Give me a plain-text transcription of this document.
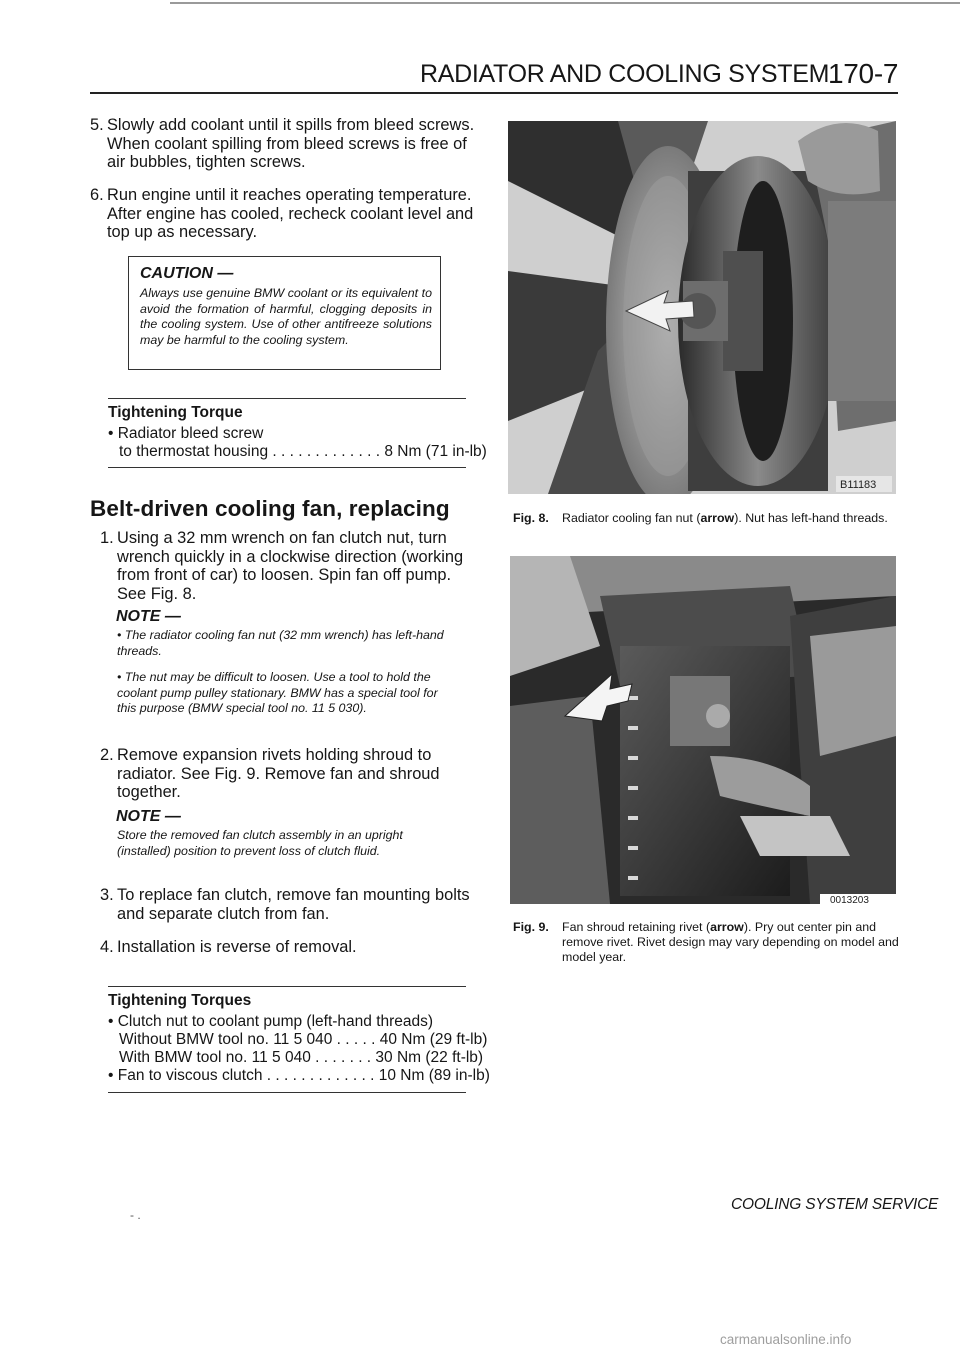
RADIATOR AND COOLING SYSTEM
170-7
5. Slowly add coolant until it spills from bleed screws. When coolant spilling from bleed screws is free of air bubbles, tighten screws.
6. Run engine until it reaches operating temperature. After engine has cooled, recheck coolant level and top up as necessary.
CAUTION —
Always use genuine BMW coolant or its equivalent to avoid the formation of harmful, clogging deposits in the cooling system. Use of other antifreeze solutions may be harmful to the cooling system.
Tightening Torque
• Radiator bleed screw
to thermostat housing . . . . . . . . . . . . . 8 Nm (71 in-lb)
Belt-driven cooling fan, replacing
1. Using a 32 mm wrench on fan clutch nut, turn wrench quickly in a clockwise direction (working from front of car) to loosen. Spin fan off pump. See Fig. 8.
NOTE —
• The radiator cooling fan nut (32 mm wrench) has left-hand threads.
• The nut may be difficult to loosen. Use a tool to hold the coolant pump pulley stationary. BMW has a special tool for this purpose (BMW special tool no. 11 5 030).
2. Remove expansion rivets holding shroud to radiator. See Fig. 9. Remove fan and shroud together.
NOTE —
Store the removed fan clutch assembly in an upright (installed) position to prevent loss of clutch fluid.
3. To replace fan clutch, remove fan mounting bolts and separate clutch from fan.
4. Installation is reverse of removal.
Tightening Torques
• Clutch nut to coolant pump (left-hand threads)
Without BMW tool no. 11 5 040 . . . . . 40 Nm (29 ft-lb)
With BMW tool no. 11 5 040 . . . . . . . 30 Nm (22 ft-lb)
• Fan to viscous clutch . . . . . . . . . . . . . 10 Nm (89 in-lb)
B11183
Fig. 8. Radiator cooling fan nut (arrow). Nut has left-hand threads.
0013203
Fig. 9. Fan shroud retaining rivet (arrow). Pry out center pin and remove rivet. Rivet design may vary depending on model and model year.
- .
COOLING SYSTEM SERVICE
carmanualsonline.info
